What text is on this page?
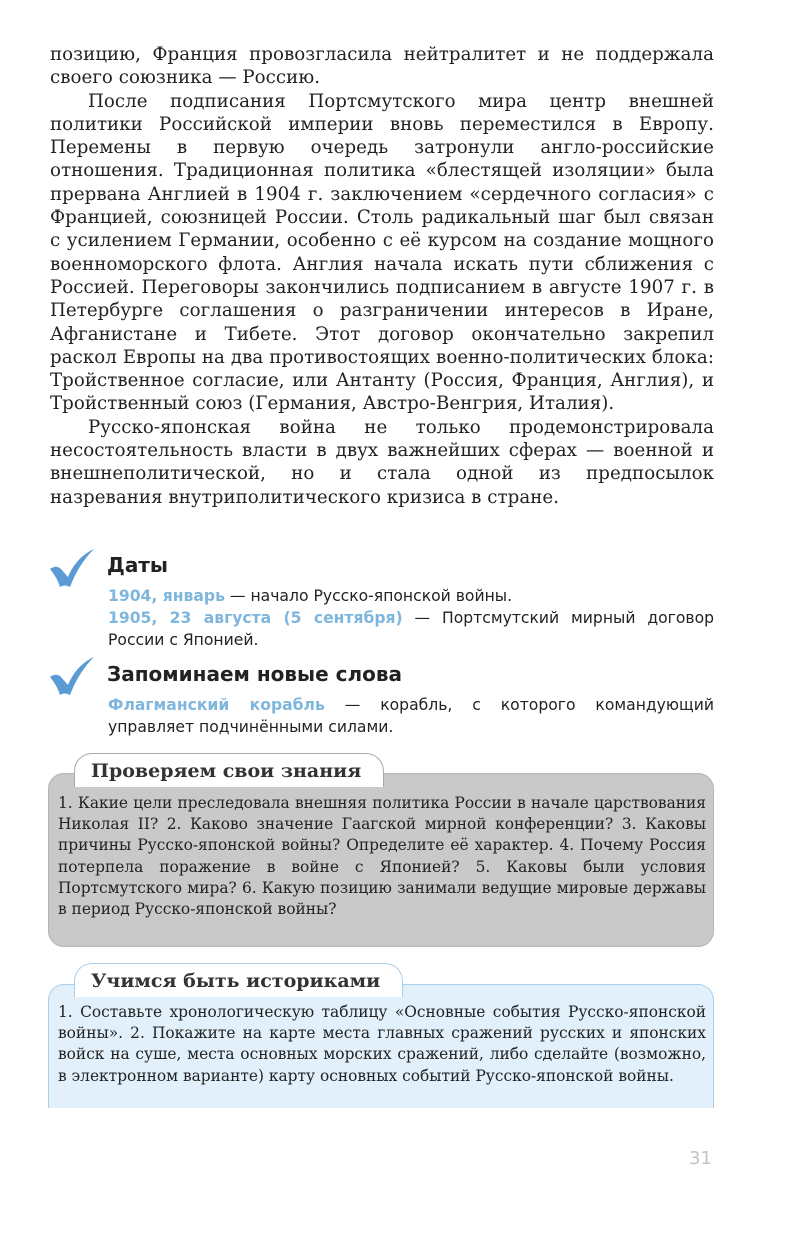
позицию, Франция провозгласила нейтралитет и не поддержала своего союзника — Россию.

После подписания Портсмутского мира центр внешней политики Российской империи вновь переместился в Европу. Перемены в первую очередь затронули англо-российские отношения. Традиционная политика «блестящей изоляции» была прервана Англией в 1904 г. заключением «сердечного согласия» с Францией, союзницей России. Столь радикальный шаг был связан с усилением Германии, особенно с её курсом на создание мощного военноморского флота. Англия начала искать пути сближения с Россией. Переговоры закончились подписанием в августе 1907 г. в Петербурге соглашения о разграничении интересов в Иране, Афганистане и Тибете. Этот договор окончательно закрепил раскол Европы на два противостоящих военно-политических блока: Тройственное согласие, или Антанту (Россия, Франция, Англия), и Тройственный союз (Германия, Австро-Венгрия, Италия).

Русско-японская война не только продемонстрировала несостоятельность власти в двух важнейших сферах — военной и внешнеполитической, но и стала одной из предпосылок назревания внутриполитического кризиса в стране.

Даты

1904, январь — начало Русско-японской войны.

1905, 23 августа (5 сентября) — Портсмутский мирный договор России с Японией.

Запоминаем новые слова

Флагманский корабль — корабль, с которого командующий управляет подчинёнными силами.

Проверяем свои знания
1. Какие цели преследовала внешняя политика России в начале царствования Николая II? 2. Каково значение Гаагской мирной конференции? 3. Каковы причины Русско-японской войны? Определите её характер. 4. Почему Россия потерпела поражение в войне с Японией? 5. Каковы были условия Портсмутского мира? 6. Какую позицию занимали ведущие мировые державы в период Русско-японской войны?
Учимся быть историками
1. Составьте хронологическую таблицу «Основные события Русско-японской войны». 2. Покажите на карте места главных сражений русских и японских войск на суше, места основных морских сражений, либо сделайте (возможно, в электронном варианте) карту основных событий Русско-японской войны.
31
